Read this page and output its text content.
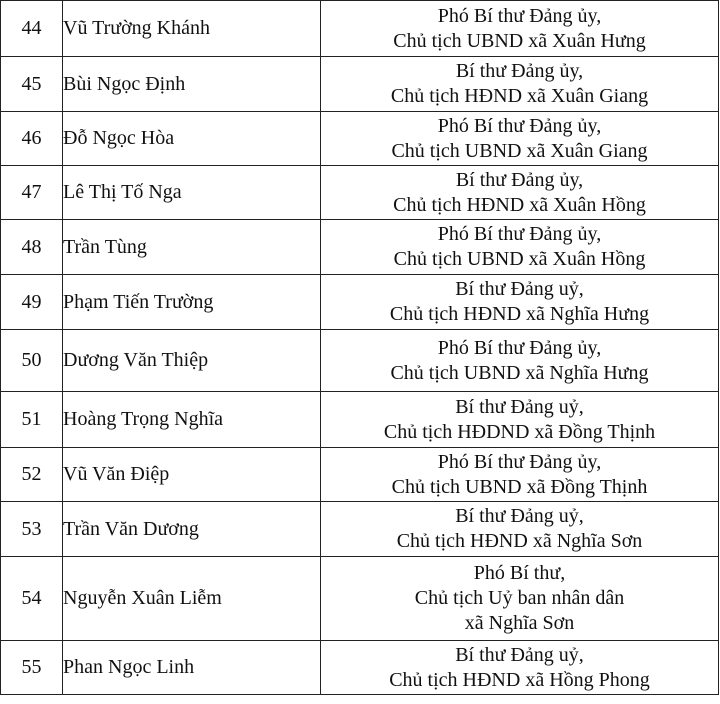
44	Vũ Trường Khánh	Phó Bí thư Đảng ủy,
Chủ tịch UBND xã Xuân Hưng

45	Bùi Ngọc Định	Bí thư Đảng ủy,
Chủ tịch HĐND xã Xuân Giang

46	Đỗ Ngọc Hòa	Phó Bí thư Đảng ủy,
Chủ tịch UBND xã Xuân Giang

47	Lê Thị Tố Nga	Bí thư Đảng ủy,
Chủ tịch HĐND xã Xuân Hồng

48	Trần Tùng	Phó Bí thư Đảng ủy,
Chủ tịch UBND xã Xuân Hồng

49	Phạm Tiến Trường	Bí thư Đảng uỷ,
Chủ tịch HĐND xã Nghĩa Hưng

50	Dương Văn Thiệp	Phó Bí thư Đảng ủy,
Chủ tịch UBND xã Nghĩa Hưng

51	Hoàng Trọng Nghĩa	Bí thư Đảng uỷ,
Chủ tịch HĐDND xã Đồng Thịnh

52	Vũ Văn Điệp	Phó Bí thư Đảng ủy,
Chủ tịch UBND xã Đồng Thịnh

53	Trần Văn Dương	Bí thư Đảng uỷ,
Chủ tịch HĐND xã Nghĩa Sơn

54	Nguyễn Xuân Liễm	Phó Bí thư,
Chủ tịch Uỷ ban nhân dân
xã Nghĩa Sơn

55	Phan Ngọc Linh	Bí thư Đảng uỷ,
Chủ tịch HĐND xã Hồng Phong
